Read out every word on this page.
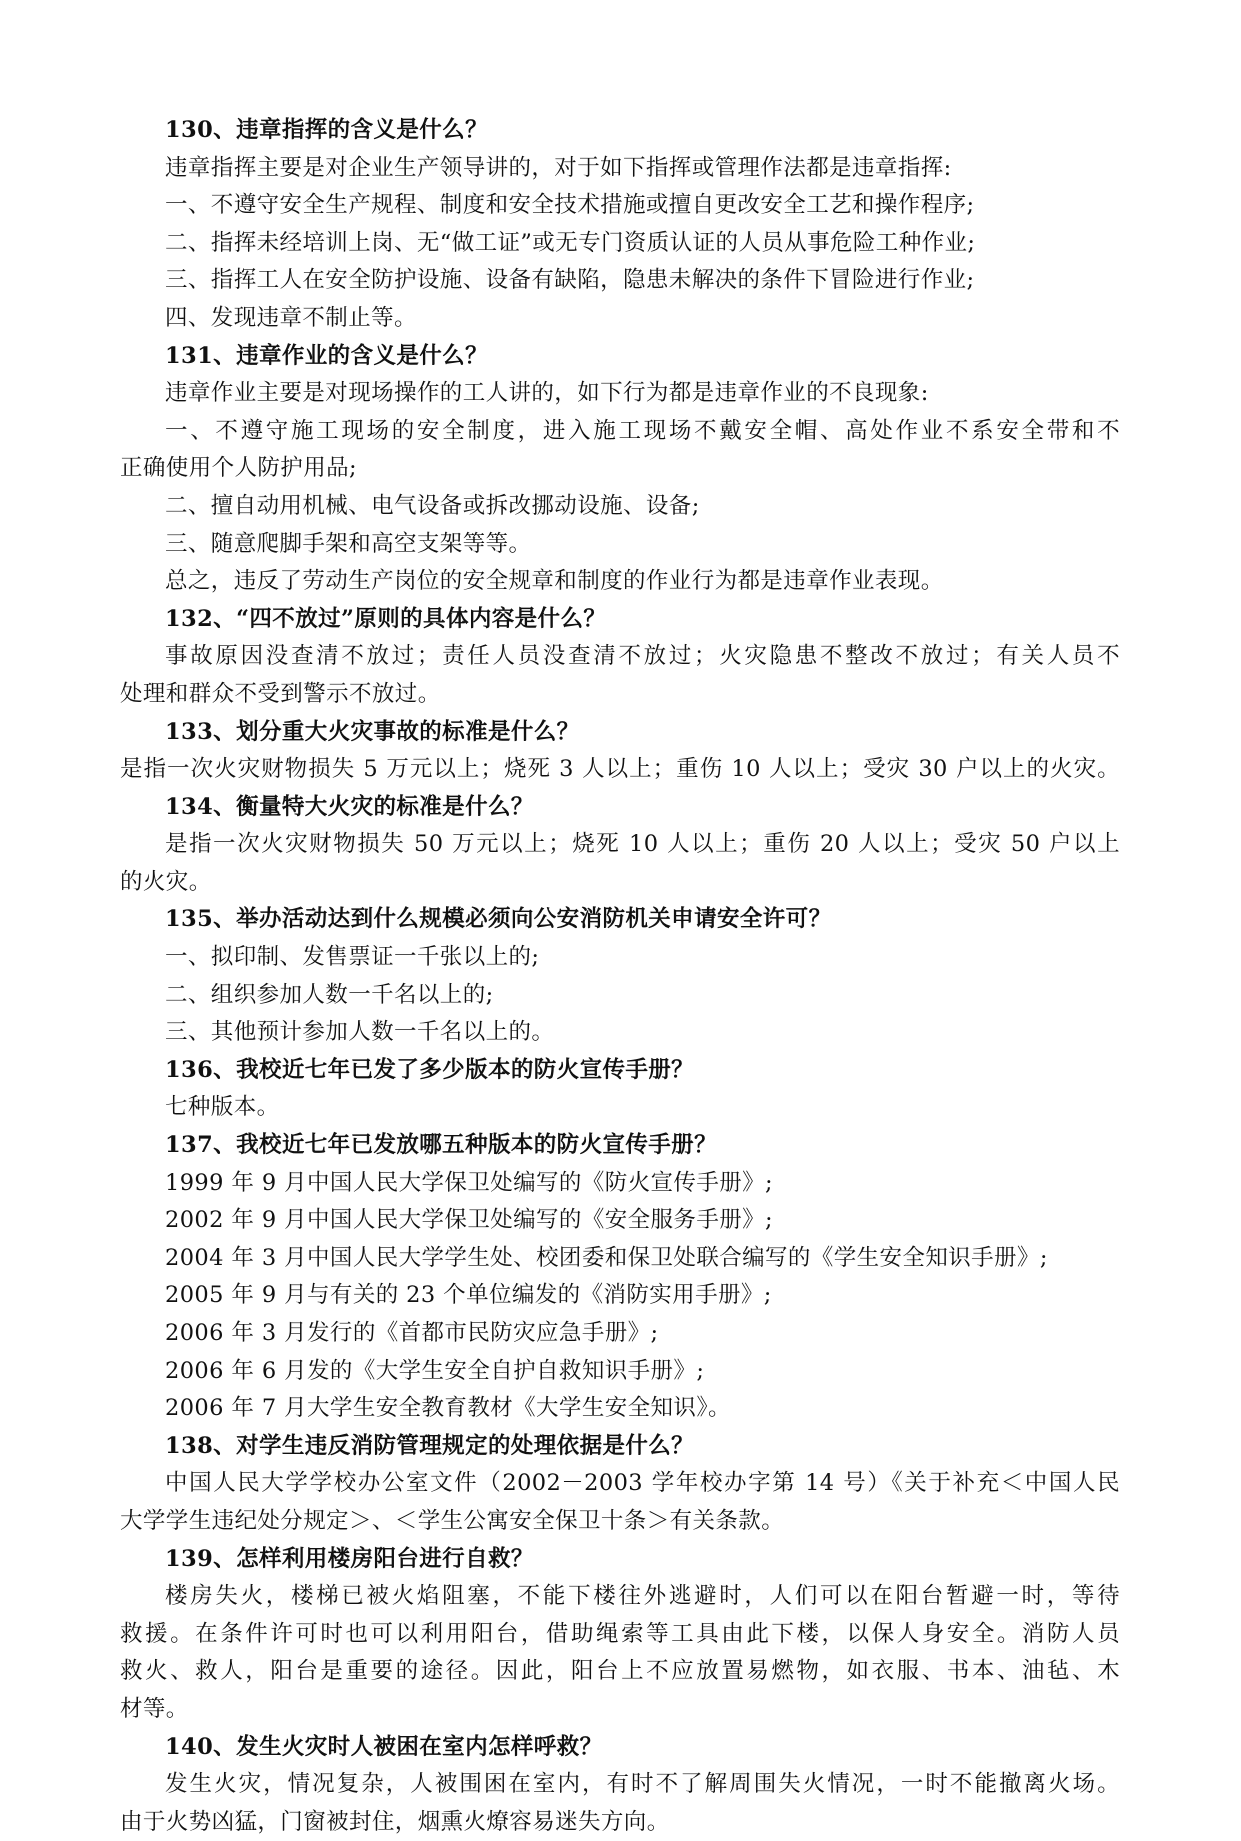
130、违章指挥的含义是什么？
违章指挥主要是对企业生产领导讲的，对于如下指挥或管理作法都是违章指挥:
一、不遵守安全生产规程、制度和安全技术措施或擅自更改安全工艺和操作程序;
二、指挥未经培训上岗、无“做工证”或无专门资质认证的人员从事危险工种作业;
三、指挥工人在安全防护设施、设备有缺陷，隐患未解决的条件下冒险进行作业;
四、发现违章不制止等。
131、违章作业的含义是什么？
违章作业主要是对现场操作的工人讲的，如下行为都是违章作业的不良现象:
一、不遵守施工现场的安全制度，进入施工现场不戴安全帽、高处作业不系安全带和不
正确使用个人防护用品;
二、擅自动用机械、电气设备或拆改挪动设施、设备;
三、随意爬脚手架和高空支架等等。
总之，违反了劳动生产岗位的安全规章和制度的作业行为都是违章作业表现。
132、“四不放过”原则的具体内容是什么？
事故原因没查清不放过；责任人员没查清不放过；火灾隐患不整改不放过；有关人员不
处理和群众不受到警示不放过。
133、划分重大火灾事故的标准是什么？
是指一次火灾财物损失 5 万元以上；烧死 3 人以上；重伤 10 人以上；受灾 30 户以上的火灾。
134、衡量特大火灾的标准是什么？
是指一次火灾财物损失 50 万元以上；烧死 10 人以上；重伤 20 人以上；受灾 50 户以上
的火灾。
135、举办活动达到什么规模必须向公安消防机关申请安全许可？
一、拟印制、发售票证一千张以上的;
二、组织参加人数一千名以上的;
三、其他预计参加人数一千名以上的。
136、我校近七年已发了多少版本的防火宣传手册？
七种版本。
137、我校近七年已发放哪五种版本的防火宣传手册？
1999 年 9 月中国人民大学保卫处编写的《防火宣传手册》;
2002 年 9 月中国人民大学保卫处编写的《安全服务手册》;
2004 年 3 月中国人民大学学生处、校团委和保卫处联合编写的《学生安全知识手册》;
2005 年 9 月与有关的 23 个单位编发的《消防实用手册》;
2006 年 3 月发行的《首都市民防灾应急手册》;
2006 年 6 月发的《大学生安全自护自救知识手册》;
2006 年 7 月大学生安全教育教材《大学生安全知识》。
138、对学生违反消防管理规定的处理依据是什么？
中国人民大学学校办公室文件（2002－2003 学年校办字第 14 号）《关于补充＜中国人民
大学学生违纪处分规定＞、＜学生公寓安全保卫十条＞有关条款。
139、怎样利用楼房阳台进行自救？
楼房失火，楼梯已被火焰阻塞，不能下楼往外逃避时，人们可以在阳台暂避一时，等待
救援。在条件许可时也可以利用阳台，借助绳索等工具由此下楼，以保人身安全。消防人员
救火、救人，阳台是重要的途径。因此，阳台上不应放置易燃物，如衣服、书本、油毡、木
材等。
140、发生火灾时人被困在室内怎样呼救？
发生火灾，情况复杂，人被围困在室内，有时不了解周围失火情况，一时不能撤离火场。
由于火势凶猛，门窗被封住，烟熏火燎容易迷失方向。
